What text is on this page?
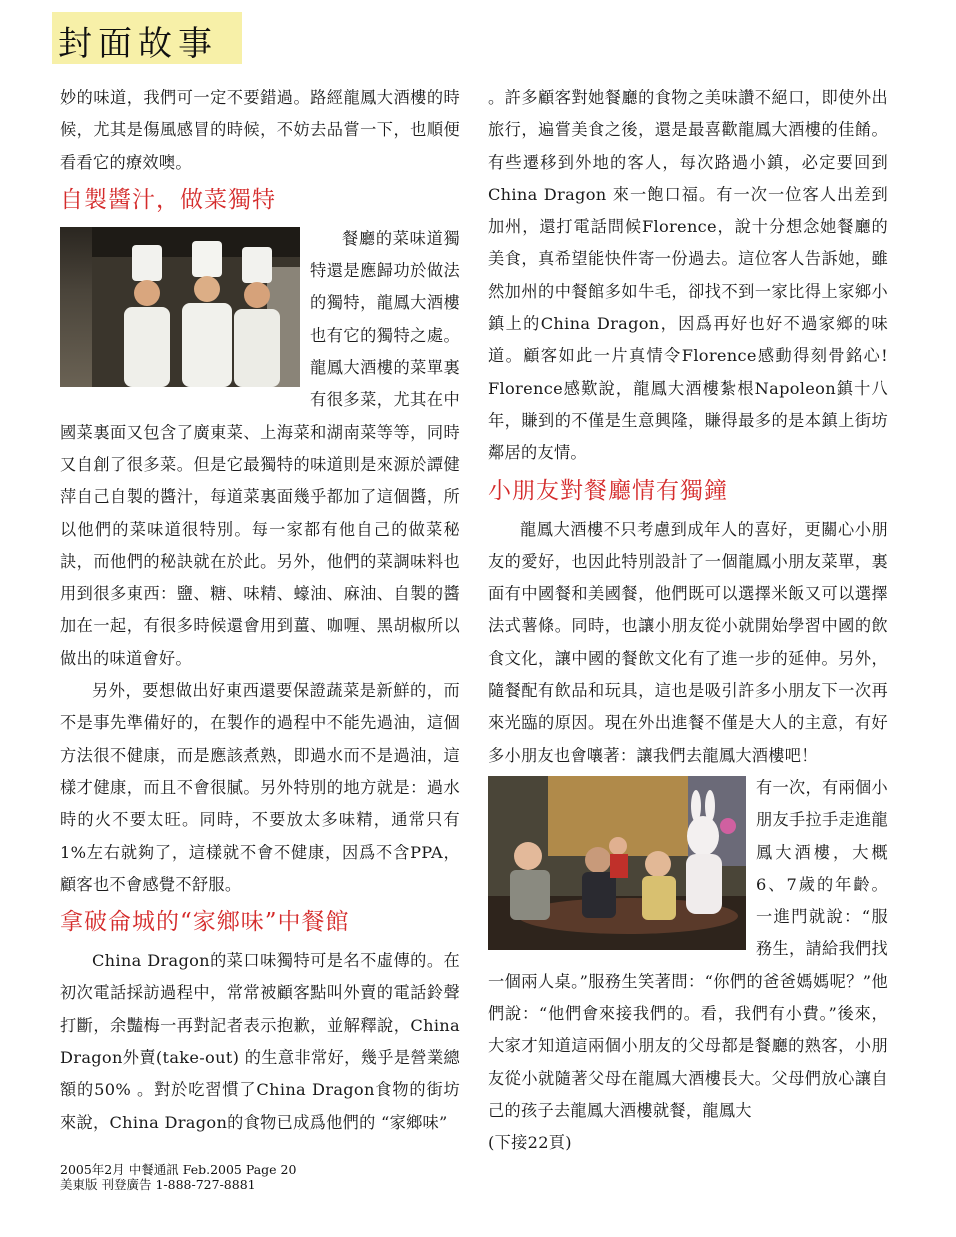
封面故事

妙的味道，我們可一定不要錯過。路經龍鳳大酒樓的時候，尤其是傷風感冒的時候，不妨去品嘗一下，也順便看看它的療效噢。

自製醬汁，做菜獨特

餐廳的菜味道獨特還是應歸功於做法的獨特，龍鳳大酒樓也有它的獨特之處。龍鳳大酒樓的菜單裏有很多菜，尤其在中國菜裏面又包含了廣東菜、上海菜和湖南菜等等，同時又自創了很多菜。但是它最獨特的味道則是來源於譚健萍自己自製的醬汁，每道菜裏面幾乎都加了這個醬，所以他們的菜味道很特別。每一家都有他自己的做菜秘訣，而他們的秘訣就在於此。另外，他們的菜調味料也用到很多東西：鹽、糖、味精、蠔油、麻油、自製的醬加在一起，有很多時候還會用到薑、咖喱、黑胡椒所以做出的味道會好。

另外，要想做出好東西還要保證蔬菜是新鮮的，而不是事先準備好的，在製作的過程中不能先過油，這個方法很不健康，而是應該煮熟，即過水而不是過油，這樣才健康，而且不會很膩。另外特別的地方就是：過水時的火不要太旺。同時，不要放太多味精，通常只有1%左右就夠了，這樣就不會不健康，因爲不含PPA，顧客也不會感覺不舒服。

拿破侖城的“家鄉味”中餐館

China Dragon的菜口味獨特可是名不虛傳的。在初次電話採訪過程中，常常被顧客點叫外賣的電話鈴聲打斷，余豔梅一再對記者表示抱歉，並解釋說，China Dragon外賣(take-out) 的生意非常好，幾乎是營業總額的50% 。對於吃習慣了China Dragon食物的街坊來說，China Dragon的食物已成爲他們的 “家鄉味”

。許多顧客對她餐廳的食物之美味讚不絕口，即使外出旅行，遍嘗美食之後，還是最喜歡龍鳳大酒樓的佳餚。有些遷移到外地的客人，每次路過小鎮，必定要回到China Dragon 來一飽口福。有一次一位客人出差到加州，還打電話問候Florence，說十分想念她餐廳的美食，真希望能快件寄一份過去。這位客人告訴她，雖然加州的中餐館多如牛毛，卻找不到一家比得上家鄉小鎮上的China Dragon，因爲再好也好不過家鄉的味道。顧客如此一片真情令Florence感動得刻骨銘心! Florence感歎說，龍鳳大酒樓紮根Napoleon鎮十八年，賺到的不僅是生意興隆，賺得最多的是本鎮上街坊鄰居的友情。

小朋友對餐廳情有獨鐘

龍鳳大酒樓不只考慮到成年人的喜好，更關心小朋友的愛好，也因此特別設計了一個龍鳳小朋友菜單，裏面有中國餐和美國餐，他們既可以選擇米飯又可以選擇法式薯條。同時，也讓小朋友從小就開始學習中國的飲食文化，讓中國的餐飲文化有了進一步的延伸。另外，隨餐配有飲品和玩具，這也是吸引許多小朋友下一次再來光臨的原因。現在外出進餐不僅是大人的主意，有好多小朋友也會嚷著：讓我們去龍鳳大酒樓吧！

有一次，有兩個小朋友手拉手走進龍鳳大酒樓，大概6、7歲的年齡。一進門就說：“服務生，請給我們找一個兩人桌。”服務生笑著問：“你們的爸爸媽媽呢？”他們說：“他們會來接我們的。看，我們有小費。”後來，大家才知道這兩個小朋友的父母都是餐廳的熟客，小朋友從小就隨著父母在龍鳳大酒樓長大。父母們放心讓自己的孩子去龍鳳大酒樓就餐，龍鳳大

(下接22頁)

2005年2月 中餐通訊 Feb.2005 Page 20
美東版 刊登廣告 1-888-727-8881
